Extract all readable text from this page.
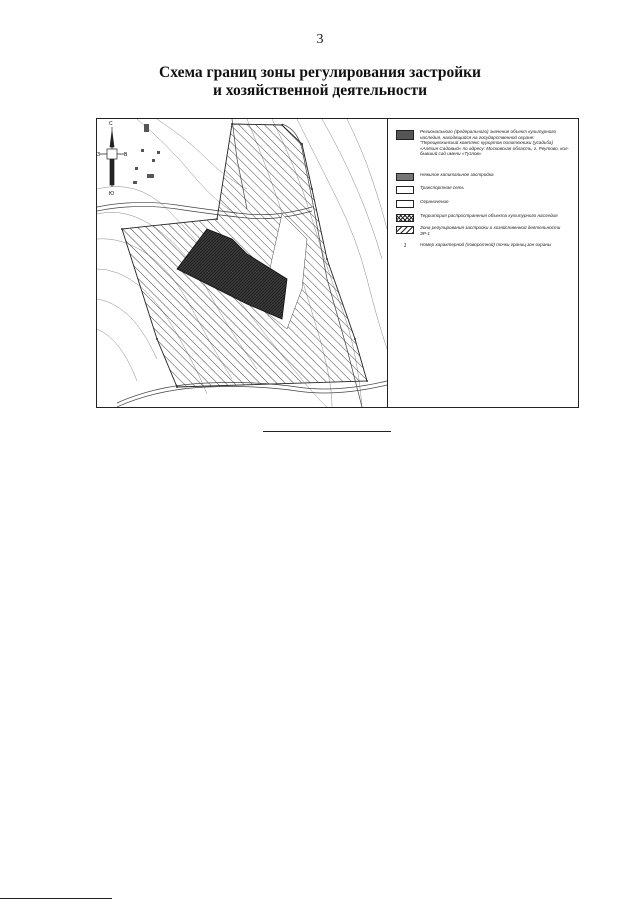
3
Схема границ зоны регулирования застройки
и хозяйственной деятельности
С
Ю
З	В
Регионального (федерального) значения объект культурного наследия, находящийся на государственной охране: "Перещелкинский комплекс курортов политехники (усадьба) «Алёхин Садовый» по адресу: Московская область, г. Реутово, кол-бывший сад имени «Тузлов»
Нежилое капитальное застройка
Транспортная сеть
Ограничение
Территория распространения объекта культурного наследия
Зона регулирования застройки и хозяйственной деятельности ЗР-1
1	Номер характерной (поворотной) точки границ зон охраны
